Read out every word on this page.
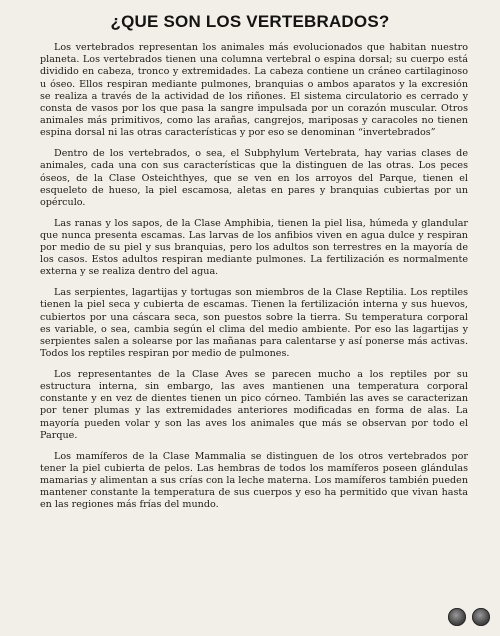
¿QUE SON LOS VERTEBRADOS?

Los vertebrados representan los animales más evolucionados que habitan nuestro planeta. Los vertebrados tienen una columna vertebral o espina dorsal; su cuerpo está dividido en cabeza, tronco y extremidades. La cabeza contiene un cráneo cartilaginoso u óseo. Ellos respiran mediante pulmones, branquias o ambos aparatos y la excresión se realiza a través de la actividad de los riñones. El sistema circulatorio es cerrado y consta de vasos por los que pasa la sangre impulsada por un corazón muscular. Otros animales más primitivos, como las arañas, cangrejos, mariposas y caracoles no tienen espina dorsal ni las otras características y por eso se denominan “invertebrados”

Dentro de los vertebrados, o sea, el Subphylum Vertebrata, hay varias clases de animales, cada una con sus características que la distinguen de las otras. Los peces óseos, de la Clase Osteichthyes, que se ven en los arroyos del Parque, tienen el esqueleto de hueso, la piel escamosa, aletas en pares y branquias cubiertas por un opérculo.

Las ranas y los sapos, de la Clase Amphibia, tienen la piel lisa, húmeda y glandular que nunca presenta escamas. Las larvas de los anfibios viven en agua dulce y respiran por medio de su piel y sus branquias, pero los adultos son terrestres en la mayoría de los casos. Estos adultos respiran mediante pulmones. La fertilización es normalmente externa y se realiza dentro del agua.

Las serpientes, lagartijas y tortugas son miembros de la Clase Reptilia. Los reptiles tienen la piel seca y cubierta de escamas. Tienen la fertilización interna y sus huevos, cubiertos por una cáscara seca, son puestos sobre la tierra. Su temperatura corporal es variable, o sea, cambia según el clima del medio ambiente. Por eso las lagartijas y serpientes salen a solearse por las mañanas para calentarse y así ponerse más activas. Todos los reptiles respiran por medio de pulmones.

Los representantes de la Clase Aves se parecen mucho a los reptiles por su estructura interna, sin embargo, las aves mantienen una temperatura corporal constante y en vez de dientes tienen un pico córneo. También las aves se caracterizan por tener plumas y las extremidades anteriores modificadas en forma de alas. La mayoría pueden volar y son las aves los animales que más se observan por todo el Parque.

Los mamíferos de la Clase Mammalia se distinguen de los otros vertebrados por tener la piel cubierta de pelos. Las hembras de todos los mamíferos poseen glándulas mamarias y alimentan a sus crías con la leche materna. Los mamíferos también pueden mantener constante la temperatura de sus cuerpos y eso ha permitido que vivan hasta en las regiones más frías del mundo.
